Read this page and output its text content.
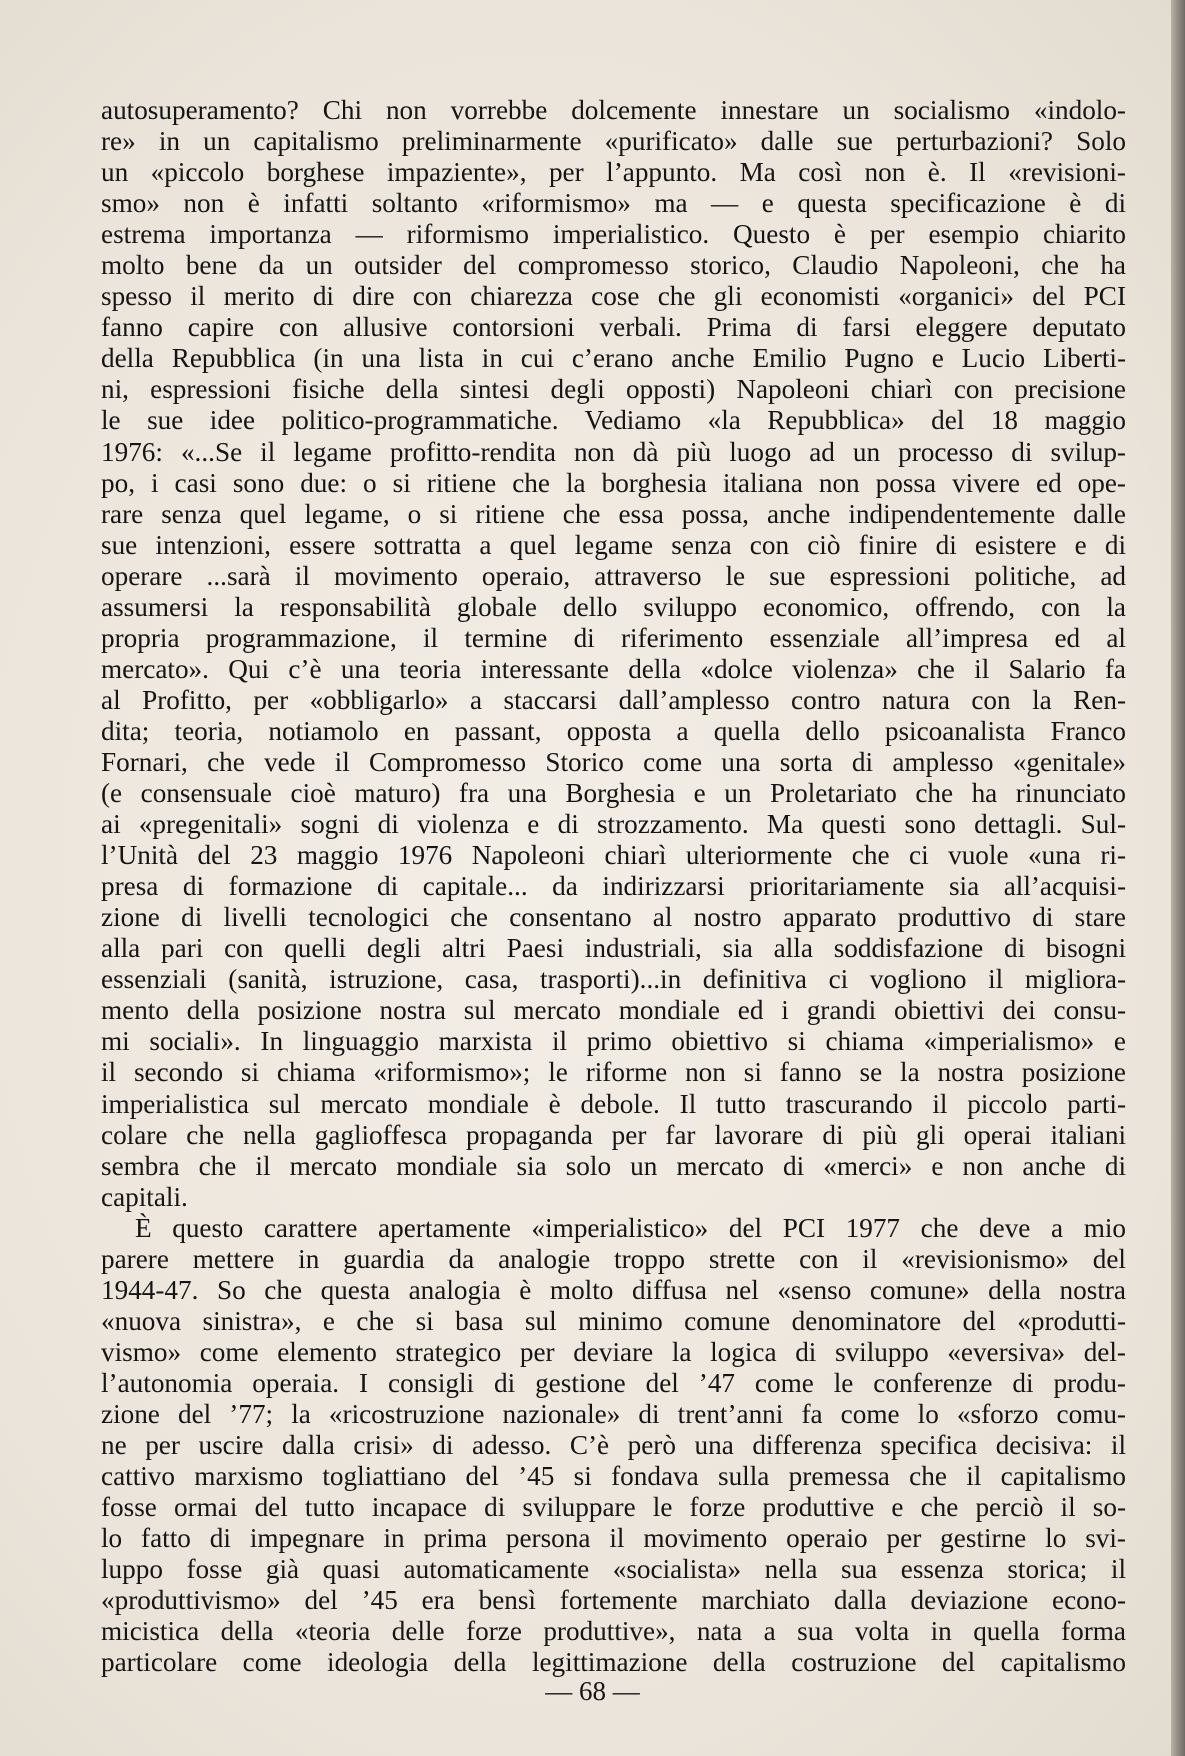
autosuperamento? Chi non vorrebbe dolcemente innestare un socialismo «indolo-
re» in un capitalismo preliminarmente «purificato» dalle sue perturbazioni? Solo
un «piccolo borghese impaziente», per l’appunto. Ma così non è. Il «revisioni-
smo» non è infatti soltanto «riformismo» ma — e questa specificazione è di
estrema importanza — riformismo imperialistico. Questo è per esempio chiarito
molto bene da un outsider del compromesso storico, Claudio Napoleoni, che ha
spesso il merito di dire con chiarezza cose che gli economisti «organici» del PCI
fanno capire con allusive contorsioni verbali. Prima di farsi eleggere deputato
della Repubblica (in una lista in cui c’erano anche Emilio Pugno e Lucio Liberti-
ni, espressioni fisiche della sintesi degli opposti) Napoleoni chiarì con precisione
le sue idee politico-programmatiche. Vediamo «la Repubblica» del 18 maggio
1976: «...Se il legame profitto-rendita non dà più luogo ad un processo di svilup-
po, i casi sono due: o si ritiene che la borghesia italiana non possa vivere ed ope-
rare senza quel legame, o si ritiene che essa possa, anche indipendentemente dalle
sue intenzioni, essere sottratta a quel legame senza con ciò finire di esistere e di
operare ...sarà il movimento operaio, attraverso le sue espressioni politiche, ad
assumersi la responsabilità globale dello sviluppo economico, offrendo, con la
propria programmazione, il termine di riferimento essenziale all’impresa ed al
mercato». Qui c’è una teoria interessante della «dolce violenza» che il Salario fa
al Profitto, per «obbligarlo» a staccarsi dall’amplesso contro natura con la Ren-
dita; teoria, notiamolo en passant, opposta a quella dello psicoanalista Franco
Fornari, che vede il Compromesso Storico come una sorta di amplesso «genitale»
(e consensuale cioè maturo) fra una Borghesia e un Proletariato che ha rinunciato
ai «pregenitali» sogni di violenza e di strozzamento. Ma questi sono dettagli. Sul-
l’Unità del 23 maggio 1976 Napoleoni chiarì ulteriormente che ci vuole «una ri-
presa di formazione di capitale... da indirizzarsi prioritariamente sia all’acquisi-
zione di livelli tecnologici che consentano al nostro apparato produttivo di stare
alla pari con quelli degli altri Paesi industriali, sia alla soddisfazione di bisogni
essenziali (sanità, istruzione, casa, trasporti)...in definitiva ci vogliono il migliora-
mento della posizione nostra sul mercato mondiale ed i grandi obiettivi dei consu-
mi sociali». In linguaggio marxista il primo obiettivo si chiama «imperialismo» e
il secondo si chiama «riformismo»; le riforme non si fanno se la nostra posizione
imperialistica sul mercato mondiale è debole. Il tutto trascurando il piccolo parti-
colare che nella gaglioffesca propaganda per far lavorare di più gli operai italiani
sembra che il mercato mondiale sia solo un mercato di «merci» e non anche di
capitali.
È questo carattere apertamente «imperialistico» del PCI 1977 che deve a mio
parere mettere in guardia da analogie troppo strette con il «revisionismo» del
1944-47. So che questa analogia è molto diffusa nel «senso comune» della nostra
«nuova sinistra», e che si basa sul minimo comune denominatore del «produtti-
vismo» come elemento strategico per deviare la logica di sviluppo «eversiva» del-
l’autonomia operaia. I consigli di gestione del ’47 come le conferenze di produ-
zione del ’77; la «ricostruzione nazionale» di trent’anni fa come lo «sforzo comu-
ne per uscire dalla crisi» di adesso. C’è però una differenza specifica decisiva: il
cattivo marxismo togliattiano del ’45 si fondava sulla premessa che il capitalismo
fosse ormai del tutto incapace di sviluppare le forze produttive e che perciò il so-
lo fatto di impegnare in prima persona il movimento operaio per gestirne lo svi-
luppo fosse già quasi automaticamente «socialista» nella sua essenza storica; il
«produttivismo» del ’45 era bensì fortemente marchiato dalla deviazione econo-
micistica della «teoria delle forze produttive», nata a sua volta in quella forma
particolare come ideologia della legittimazione della costruzione del capitalismo
— 68 —
